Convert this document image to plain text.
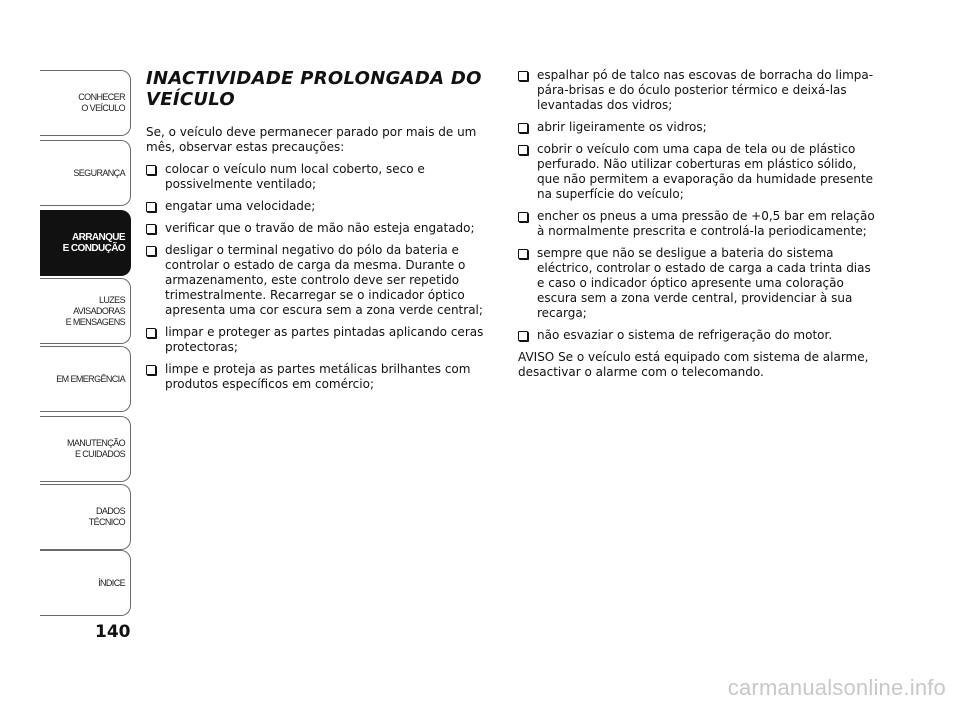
CONHECER
O VEÍCULO
SEGURANÇA
ARRANQUE
E CONDUÇÃO
LUZES
AVISADORAS
E MENSAGENS
EM EMERGÊNCIA
MANUTENÇÃO
E CUIDADOS
DADOS
TÉCNICO
ÍNDICE
140
INACTIVIDADE PROLONGADA DO VEÍCULO

Se, o veículo deve permanecer parado por mais de um mês, observar estas precauções:

colocar o veículo num local coberto, seco e possivelmente ventilado;
engatar uma velocidade;
verificar que o travão de mão não esteja engatado;
desligar o terminal negativo do pólo da bateria e controlar o estado de carga da mesma. Durante o armazenamento, este controlo deve ser repetido trimestralmente. Recarregar se o indicador óptico apresenta uma cor escura sem a zona verde central;
limpar e proteger as partes pintadas aplicando ceras protectoras;
limpe e proteja as partes metálicas brilhantes com produtos específicos em comércio;
espalhar pó de talco nas escovas de borracha do limpa-pára-brisas e do óculo posterior térmico e deixá-las levantadas dos vidros;
abrir ligeiramente os vidros;
cobrir o veículo com uma capa de tela ou de plástico perfurado. Não utilizar coberturas em plástico sólido, que não permitem a evaporação da humidade presente na superfície do veículo;
encher os pneus a uma pressão de +0,5 bar em relação à normalmente prescrita e controlá-la periodicamente;
sempre que não se desligue a bateria do sistema eléctrico, controlar o estado de carga a cada trinta dias e caso o indicador óptico apresente uma coloração escura sem a zona verde central, providenciar à sua recarga;
não esvaziar o sistema de refrigeração do motor.

AVISO Se o veículo está equipado com sistema de alarme, desactivar o alarme com o telecomando.

carmanualsonline.info
